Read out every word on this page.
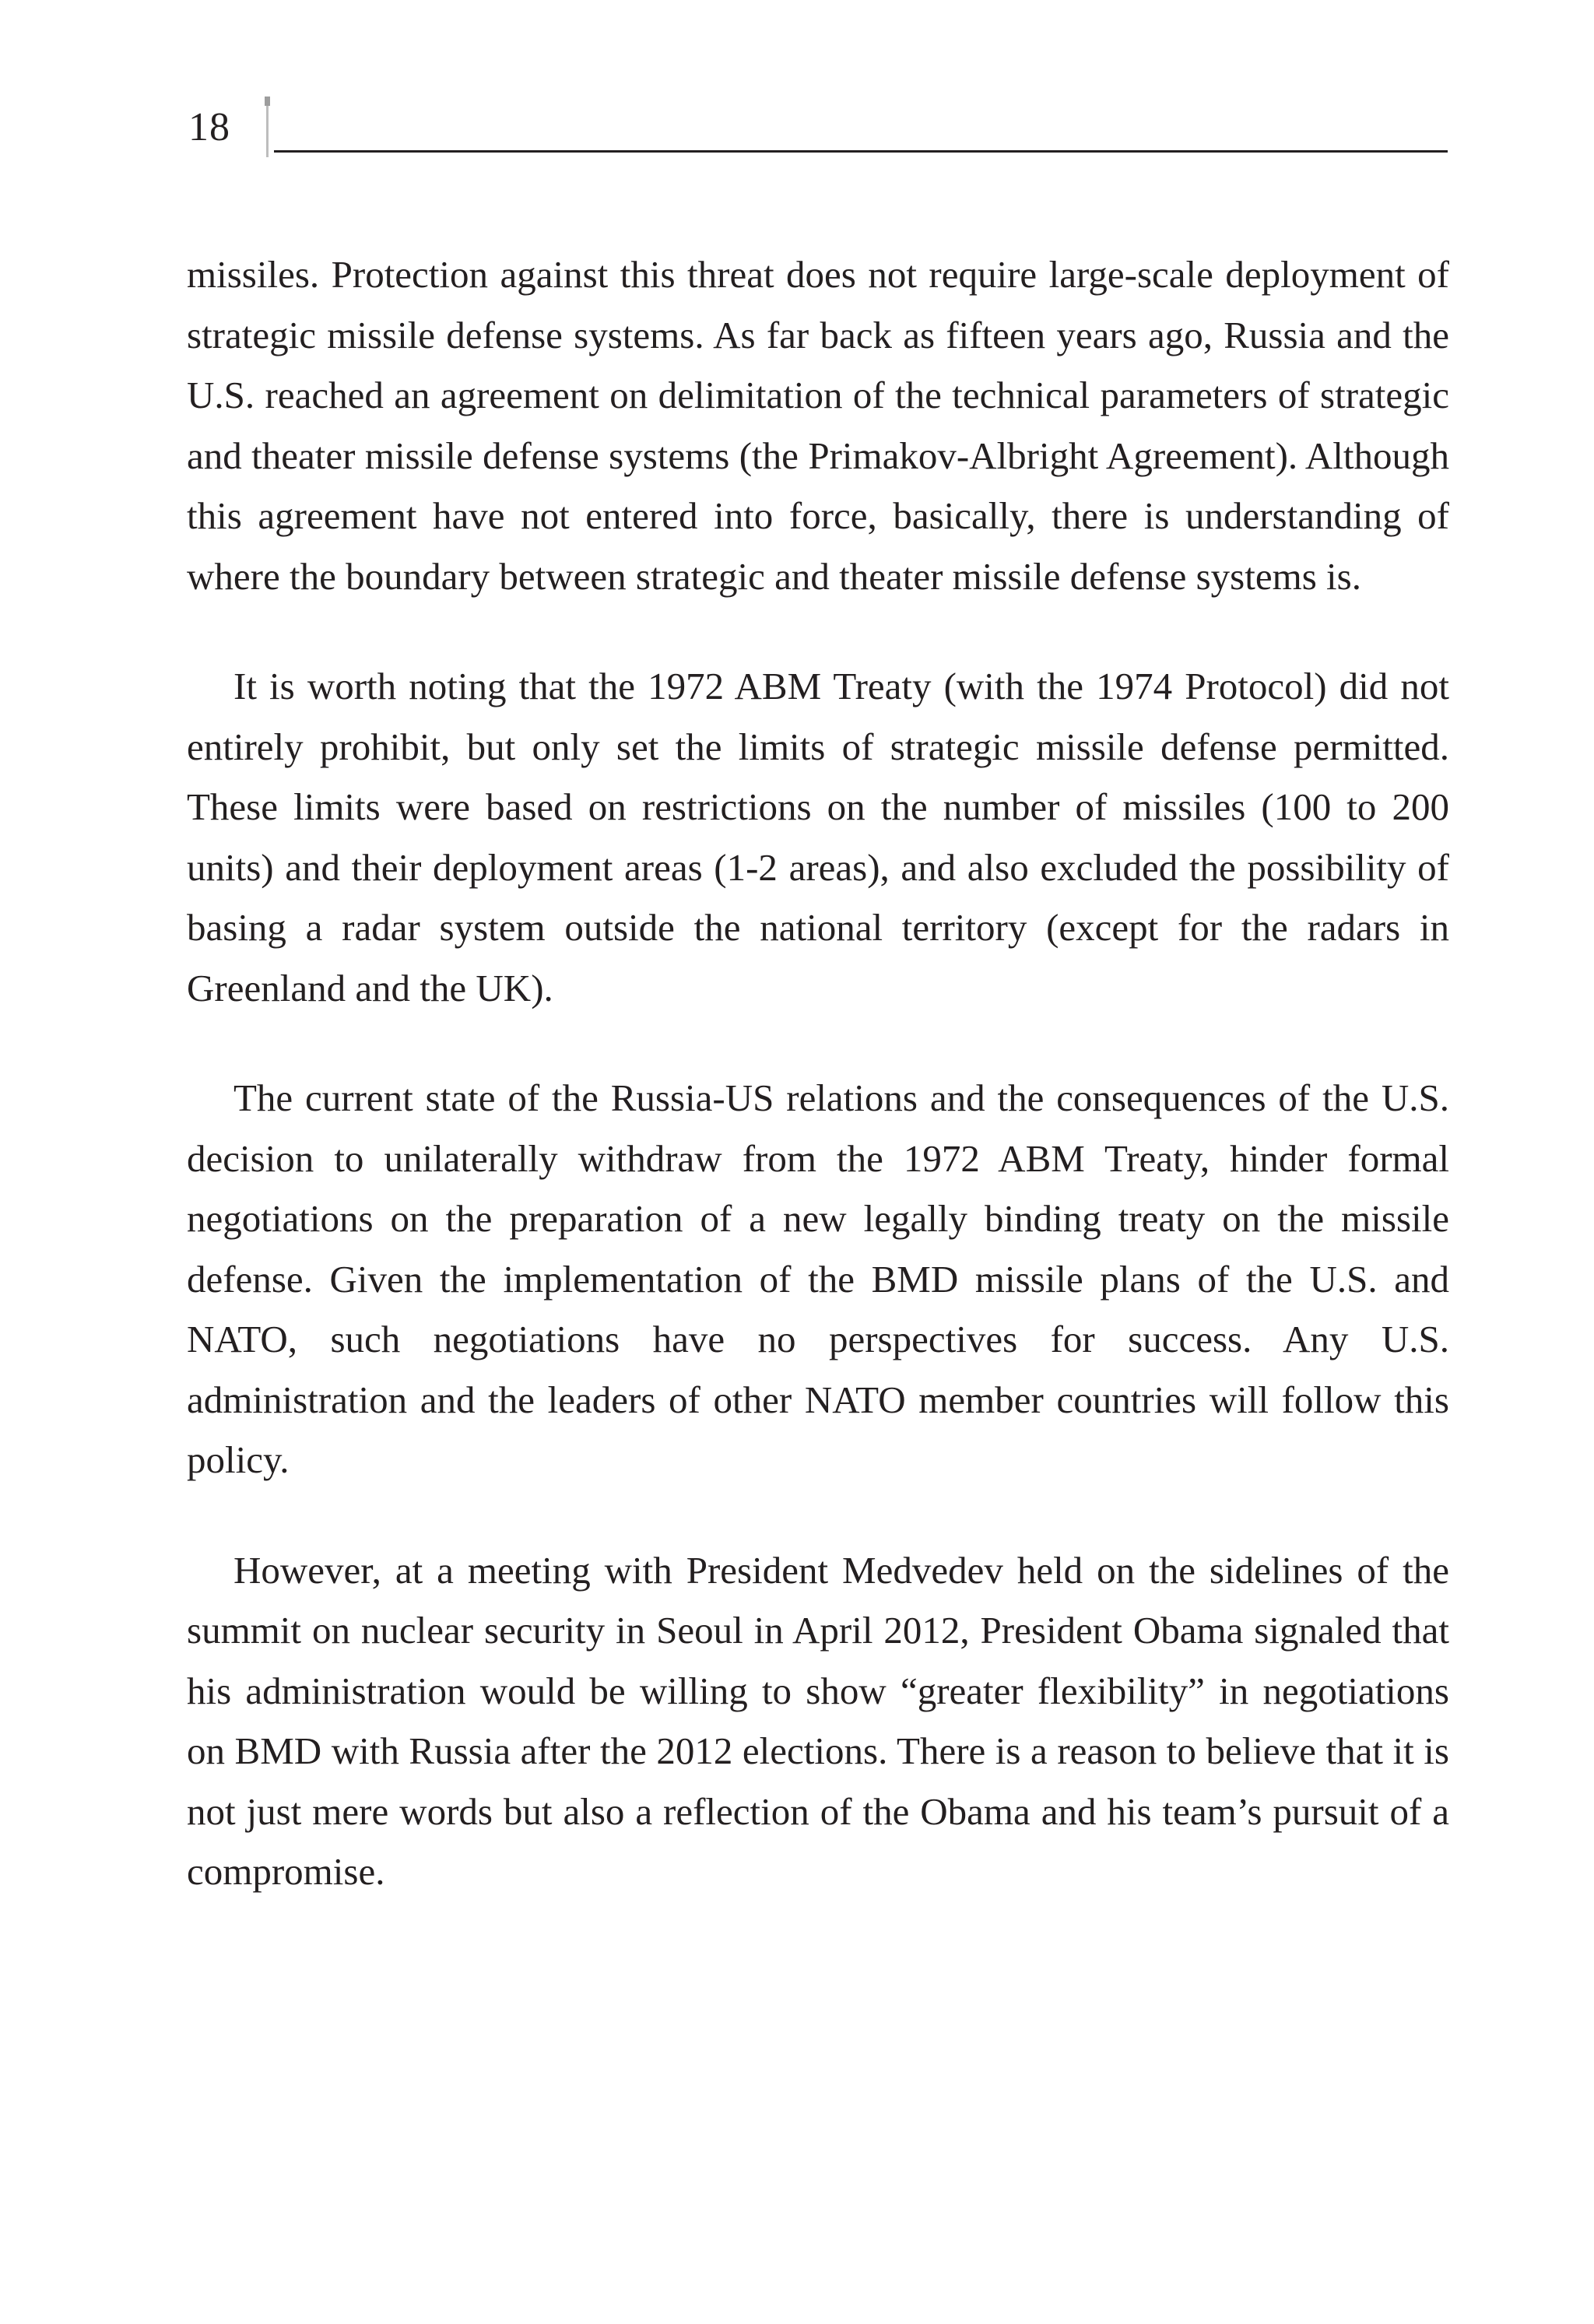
18

missiles. Protection against this threat does not require large-scale deployment of strategic missile defense systems. As far back as fifteen years ago, Russia and the U.S. reached an agreement on delimitation of the technical parameters of strategic and theater missile defense systems (the Primakov-Albright Agreement). Although this agreement have not entered into force, basically, there is understanding of where the boundary between strategic and theater missile defense systems is.

It is worth noting that the 1972 ABM Treaty (with the 1974 Protocol) did not entirely prohibit, but only set the limits of strategic missile defense permitted. These limits were based on restrictions on the number of missiles (100 to 200 units) and their deployment areas (1-2 areas), and also excluded the possibility of basing a radar system outside the national territory (except for the radars in Greenland and the UK).

The current state of the Russia-US relations and the consequences of the U.S. decision to unilaterally withdraw from the 1972 ABM Treaty, hinder formal negotiations on the preparation of a new legally binding treaty on the missile defense. Given the implementation of the BMD missile plans of the U.S. and NATO, such negotiations have no perspectives for success. Any U.S. administration and the leaders of other NATO member countries will follow this policy.

However, at a meeting with President Medvedev held on the sidelines of the summit on nuclear security in Seoul in April 2012, President Obama signaled that his administration would be willing to show “greater flexibility” in negotiations on BMD with Russia after the 2012 elections. There is a reason to believe that it is not just mere words but also a reflection of the Obama and his team’s pursuit of a compromise.
